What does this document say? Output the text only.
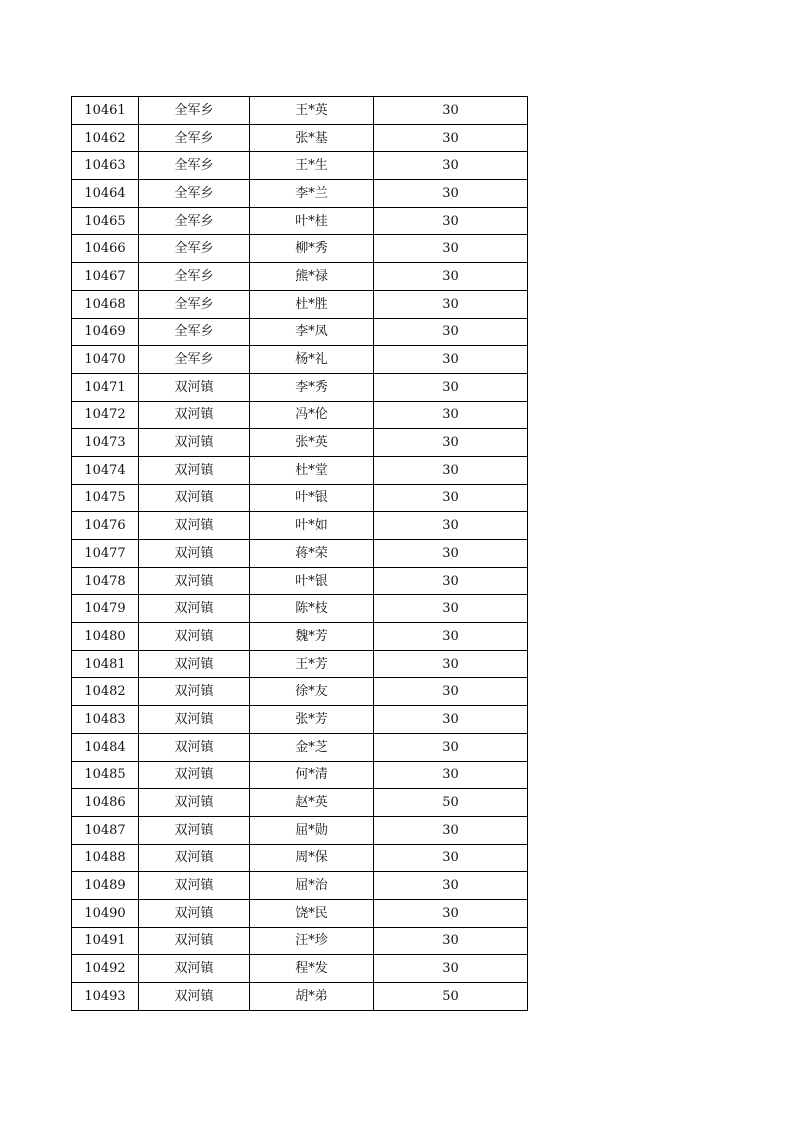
10461	全军乡	王*英	30
10462	全军乡	张*基	30
10463	全军乡	王*生	30
10464	全军乡	李*兰	30
10465	全军乡	叶*桂	30
10466	全军乡	柳*秀	30
10467	全军乡	熊*禄	30
10468	全军乡	杜*胜	30
10469	全军乡	李*凤	30
10470	全军乡	杨*礼	30
10471	双河镇	李*秀	30
10472	双河镇	冯*伦	30
10473	双河镇	张*英	30
10474	双河镇	杜*堂	30
10475	双河镇	叶*银	30
10476	双河镇	叶*如	30
10477	双河镇	蒋*荣	30
10478	双河镇	叶*银	30
10479	双河镇	陈*枝	30
10480	双河镇	魏*芳	30
10481	双河镇	王*芳	30
10482	双河镇	徐*友	30
10483	双河镇	张*芳	30
10484	双河镇	金*芝	30
10485	双河镇	何*清	30
10486	双河镇	赵*英	50
10487	双河镇	屈*勋	30
10488	双河镇	周*保	30
10489	双河镇	屈*治	30
10490	双河镇	饶*民	30
10491	双河镇	汪*珍	30
10492	双河镇	程*发	30
10493	双河镇	胡*弟	50
